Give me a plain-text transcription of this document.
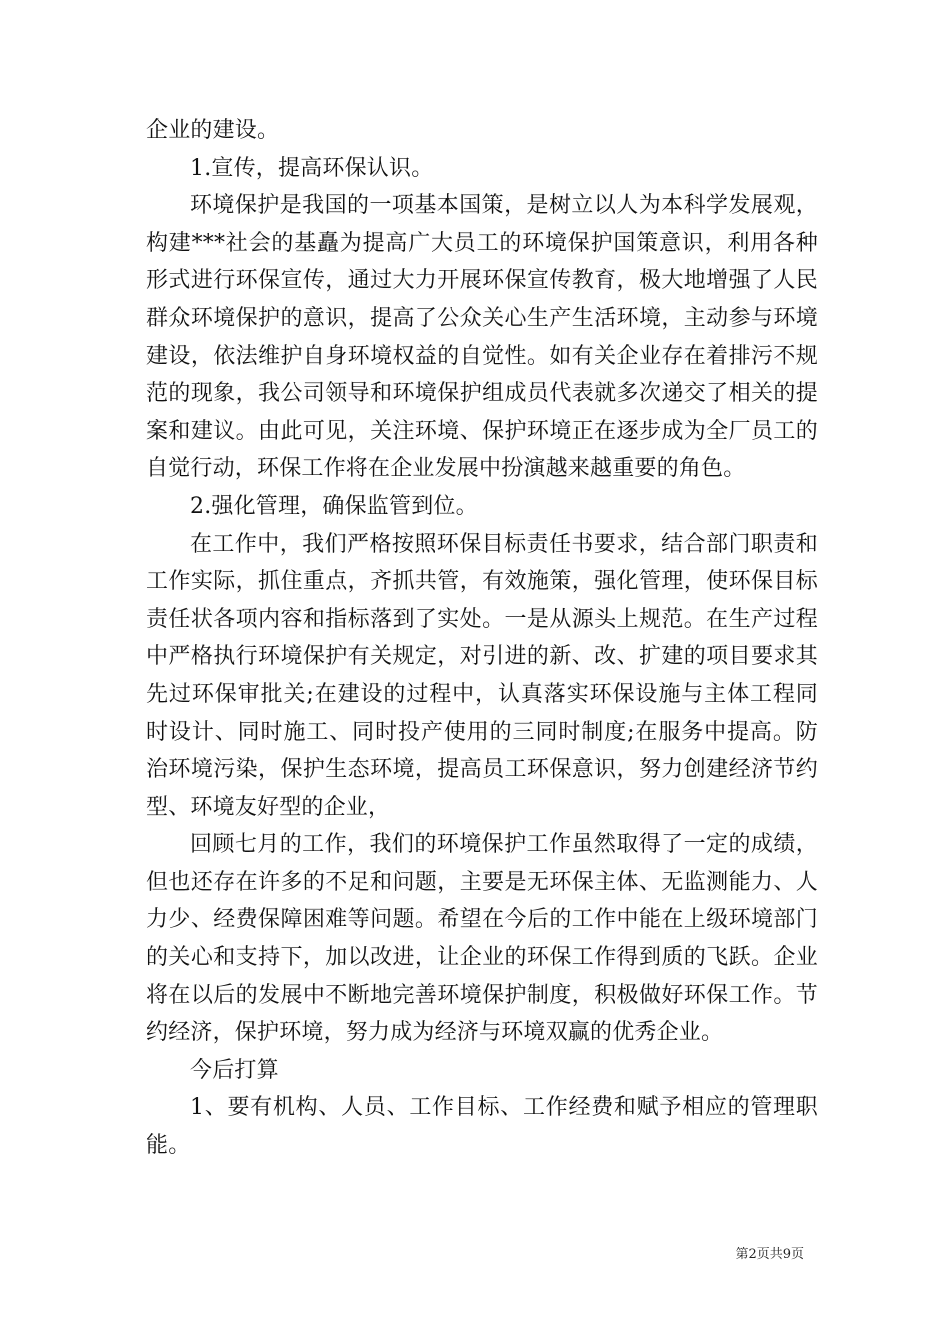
企业的建设。

1.宣传，提高环保认识。

环境保护是我国的一项基本国策，是树立以人为本科学发展观，构建***社会的基矗为提高广大员工的环境保护国策意识，利用各种形式进行环保宣传，通过大力开展环保宣传教育，极大地增强了人民群众环境保护的意识，提高了公众关心生产生活环境，主动参与环境建设，依法维护自身环境权益的自觉性。如有关企业存在着排污不规范的现象，我公司领导和环境保护组成员代表就多次递交了相关的提案和建议。由此可见，关注环境、保护环境正在逐步成为全厂员工的自觉行动，环保工作将在企业发展中扮演越来越重要的角色。

2.强化管理，确保监管到位。

在工作中，我们严格按照环保目标责任书要求，结合部门职责和工作实际，抓住重点，齐抓共管，有效施策，强化管理，使环保目标责任状各项内容和指标落到了实处。一是从源头上规范。在生产过程中严格执行环境保护有关规定，对引进的新、改、扩建的项目要求其先过环保审批关;在建设的过程中，认真落实环保设施与主体工程同时设计、同时施工、同时投产使用的三同时制度;在服务中提高。防治环境污染，保护生态环境，提高员工环保意识，努力创建经济节约型、环境友好型的企业，

回顾七月的工作，我们的环境保护工作虽然取得了一定的成绩，但也还存在许多的不足和问题，主要是无环保主体、无监测能力、人力少、经费保障困难等问题。希望在今后的工作中能在上级环境部门的关心和支持下，加以改进，让企业的环保工作得到质的飞跃。企业将在以后的发展中不断地完善环境保护制度，积极做好环保工作。节约经济，保护环境，努力成为经济与环境双赢的优秀企业。

今后打算

1、要有机构、人员、工作目标、工作经费和赋予相应的管理职能。

第2页共9页
